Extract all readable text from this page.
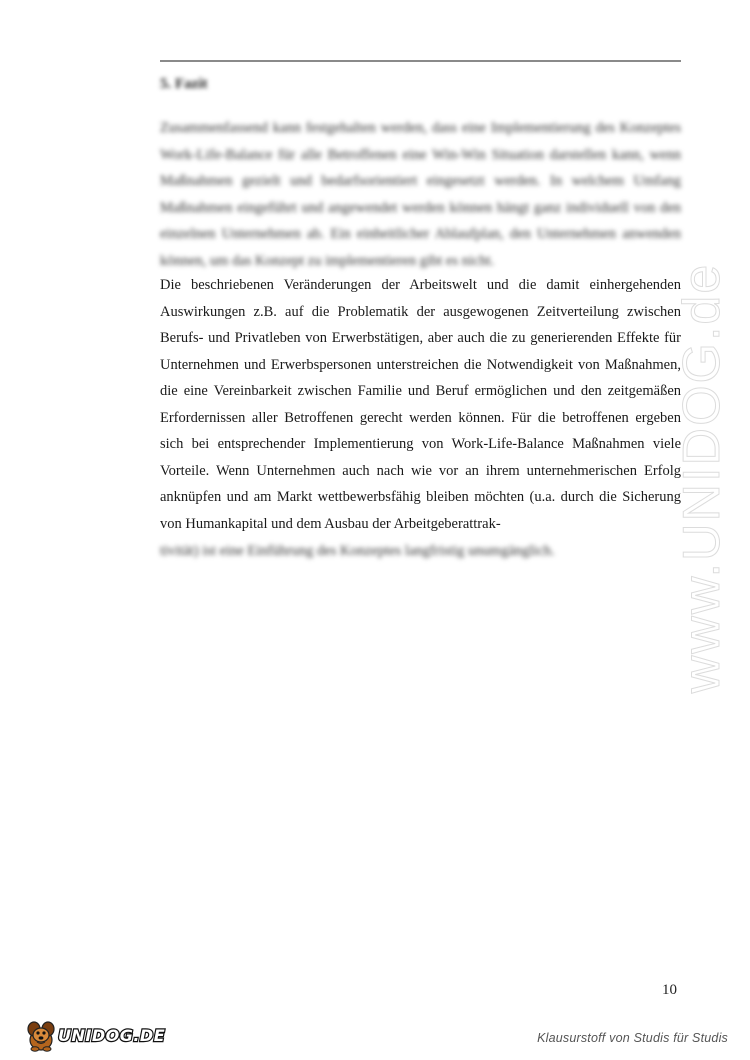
5. Fazit
Zusammenfassend kann festgehalten werden, dass eine Implementierung des Konzeptes Work-Life-Balance für alle Betroffenen eine Win-Win Situation darstellen kann, wenn Maßnahmen gezielt und bedarfsorientiert eingesetzt werden. In welchem Umfang Maßnahmen eingeführt und angewendet werden können hängt ganz individuell von den einzelnen Unternehmen ab. Ein einheitlicher Ablaufplan, den Unternehmen anwenden können, um das Konzept zu implementieren gibt es nicht.
Die beschriebenen Veränderungen der Arbeitswelt und die damit einhergehenden Auswirkungen z.B. auf die Problematik der ausgewogenen Zeitverteilung zwischen Berufs- und Privatleben von Erwerbstätigen, aber auch die zu generierenden Effekte für Unternehmen und Erwerbspersonen unterstreichen die Notwendigkeit von Maßnahmen, die eine Vereinbarkeit zwischen Familie und Beruf ermöglichen und den zeitgemäßen Erfordernissen aller Betroffenen gerecht werden können. Für die betroffenen ergeben sich bei entsprechender Implementierung von Work-Life-Balance Maßnahmen viele Vorteile. Wenn Unternehmen auch nach wie vor an ihrem unternehmerischen Erfolg anknüpfen und am Markt wettbewerbsfähig bleiben möchten (u.a. durch die Sicherung von Humankapital und dem Ausbau der Arbeitgeberattrak-
tivität) ist eine Einführung des Konzeptes langfristig unumgänglich.
10
www.UNIDOG.de
UNIDOG.DE	Klausurstoff von Studis für Studis
